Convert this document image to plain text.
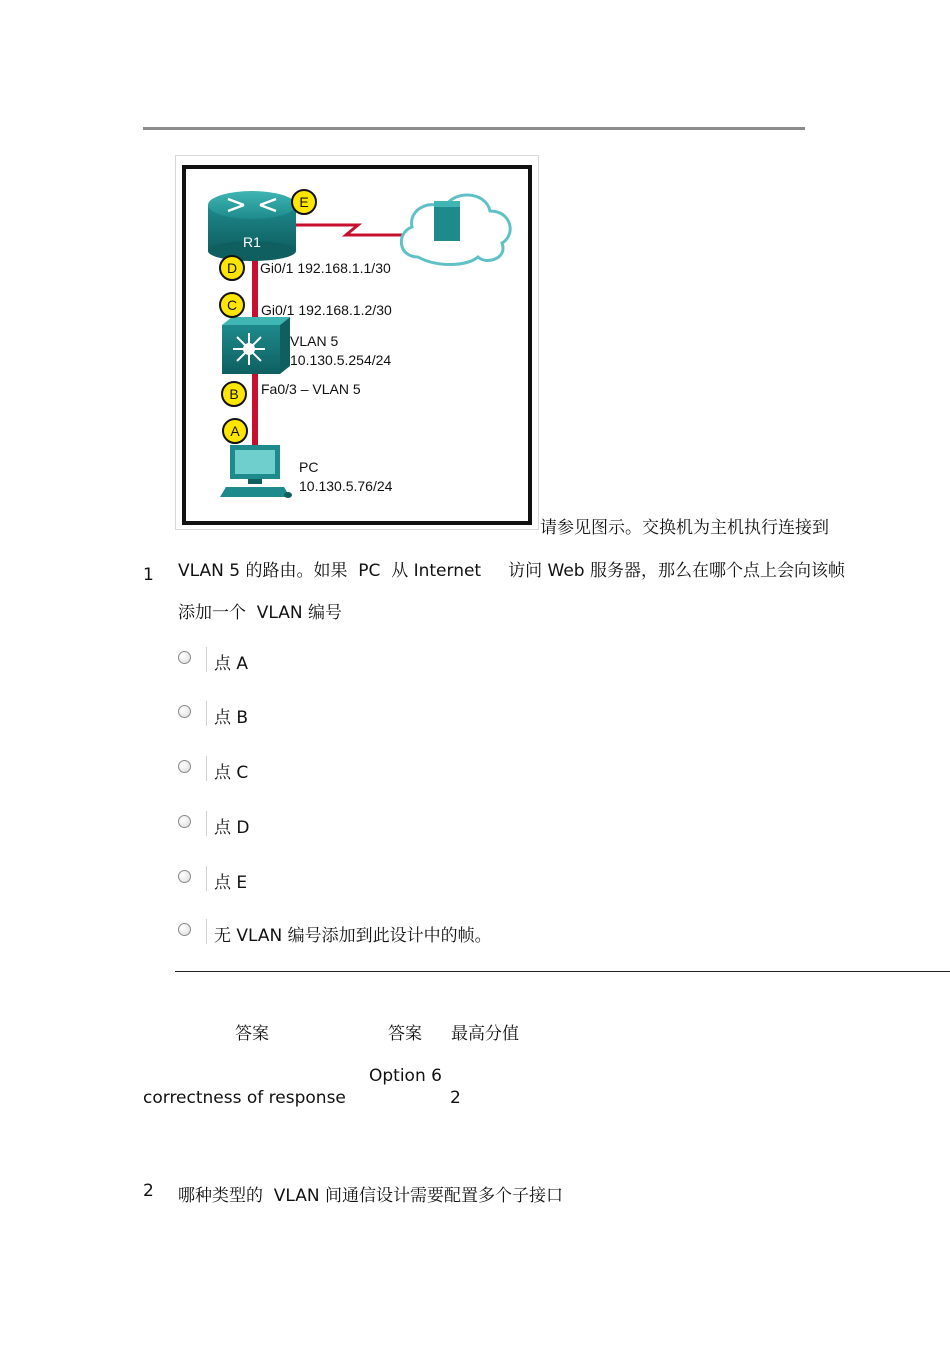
R1
E
D
C
B
A
Gi0/1 192.168.1.1/30
Gi0/1 192.168.1.2/30
VLAN 5
10.130.5.254/24
Fa0/3 – VLAN 5
PC
10.130.5.76/24
请参见图示。交换机为主机执行连接到
1 VLAN 5 的路由。如果  PC  从 Internet     访问 Web 服务器，那么在哪个点上会向该帧
添加一个  VLAN 编号
点 A
点 B
点 C
点 D
点 E
无 VLAN 编号添加到此设计中的帧。
答案	答案 最高分值
Option 6
correctness of response	2
2 哪种类型的  VLAN 间通信设计需要配置多个子接口
